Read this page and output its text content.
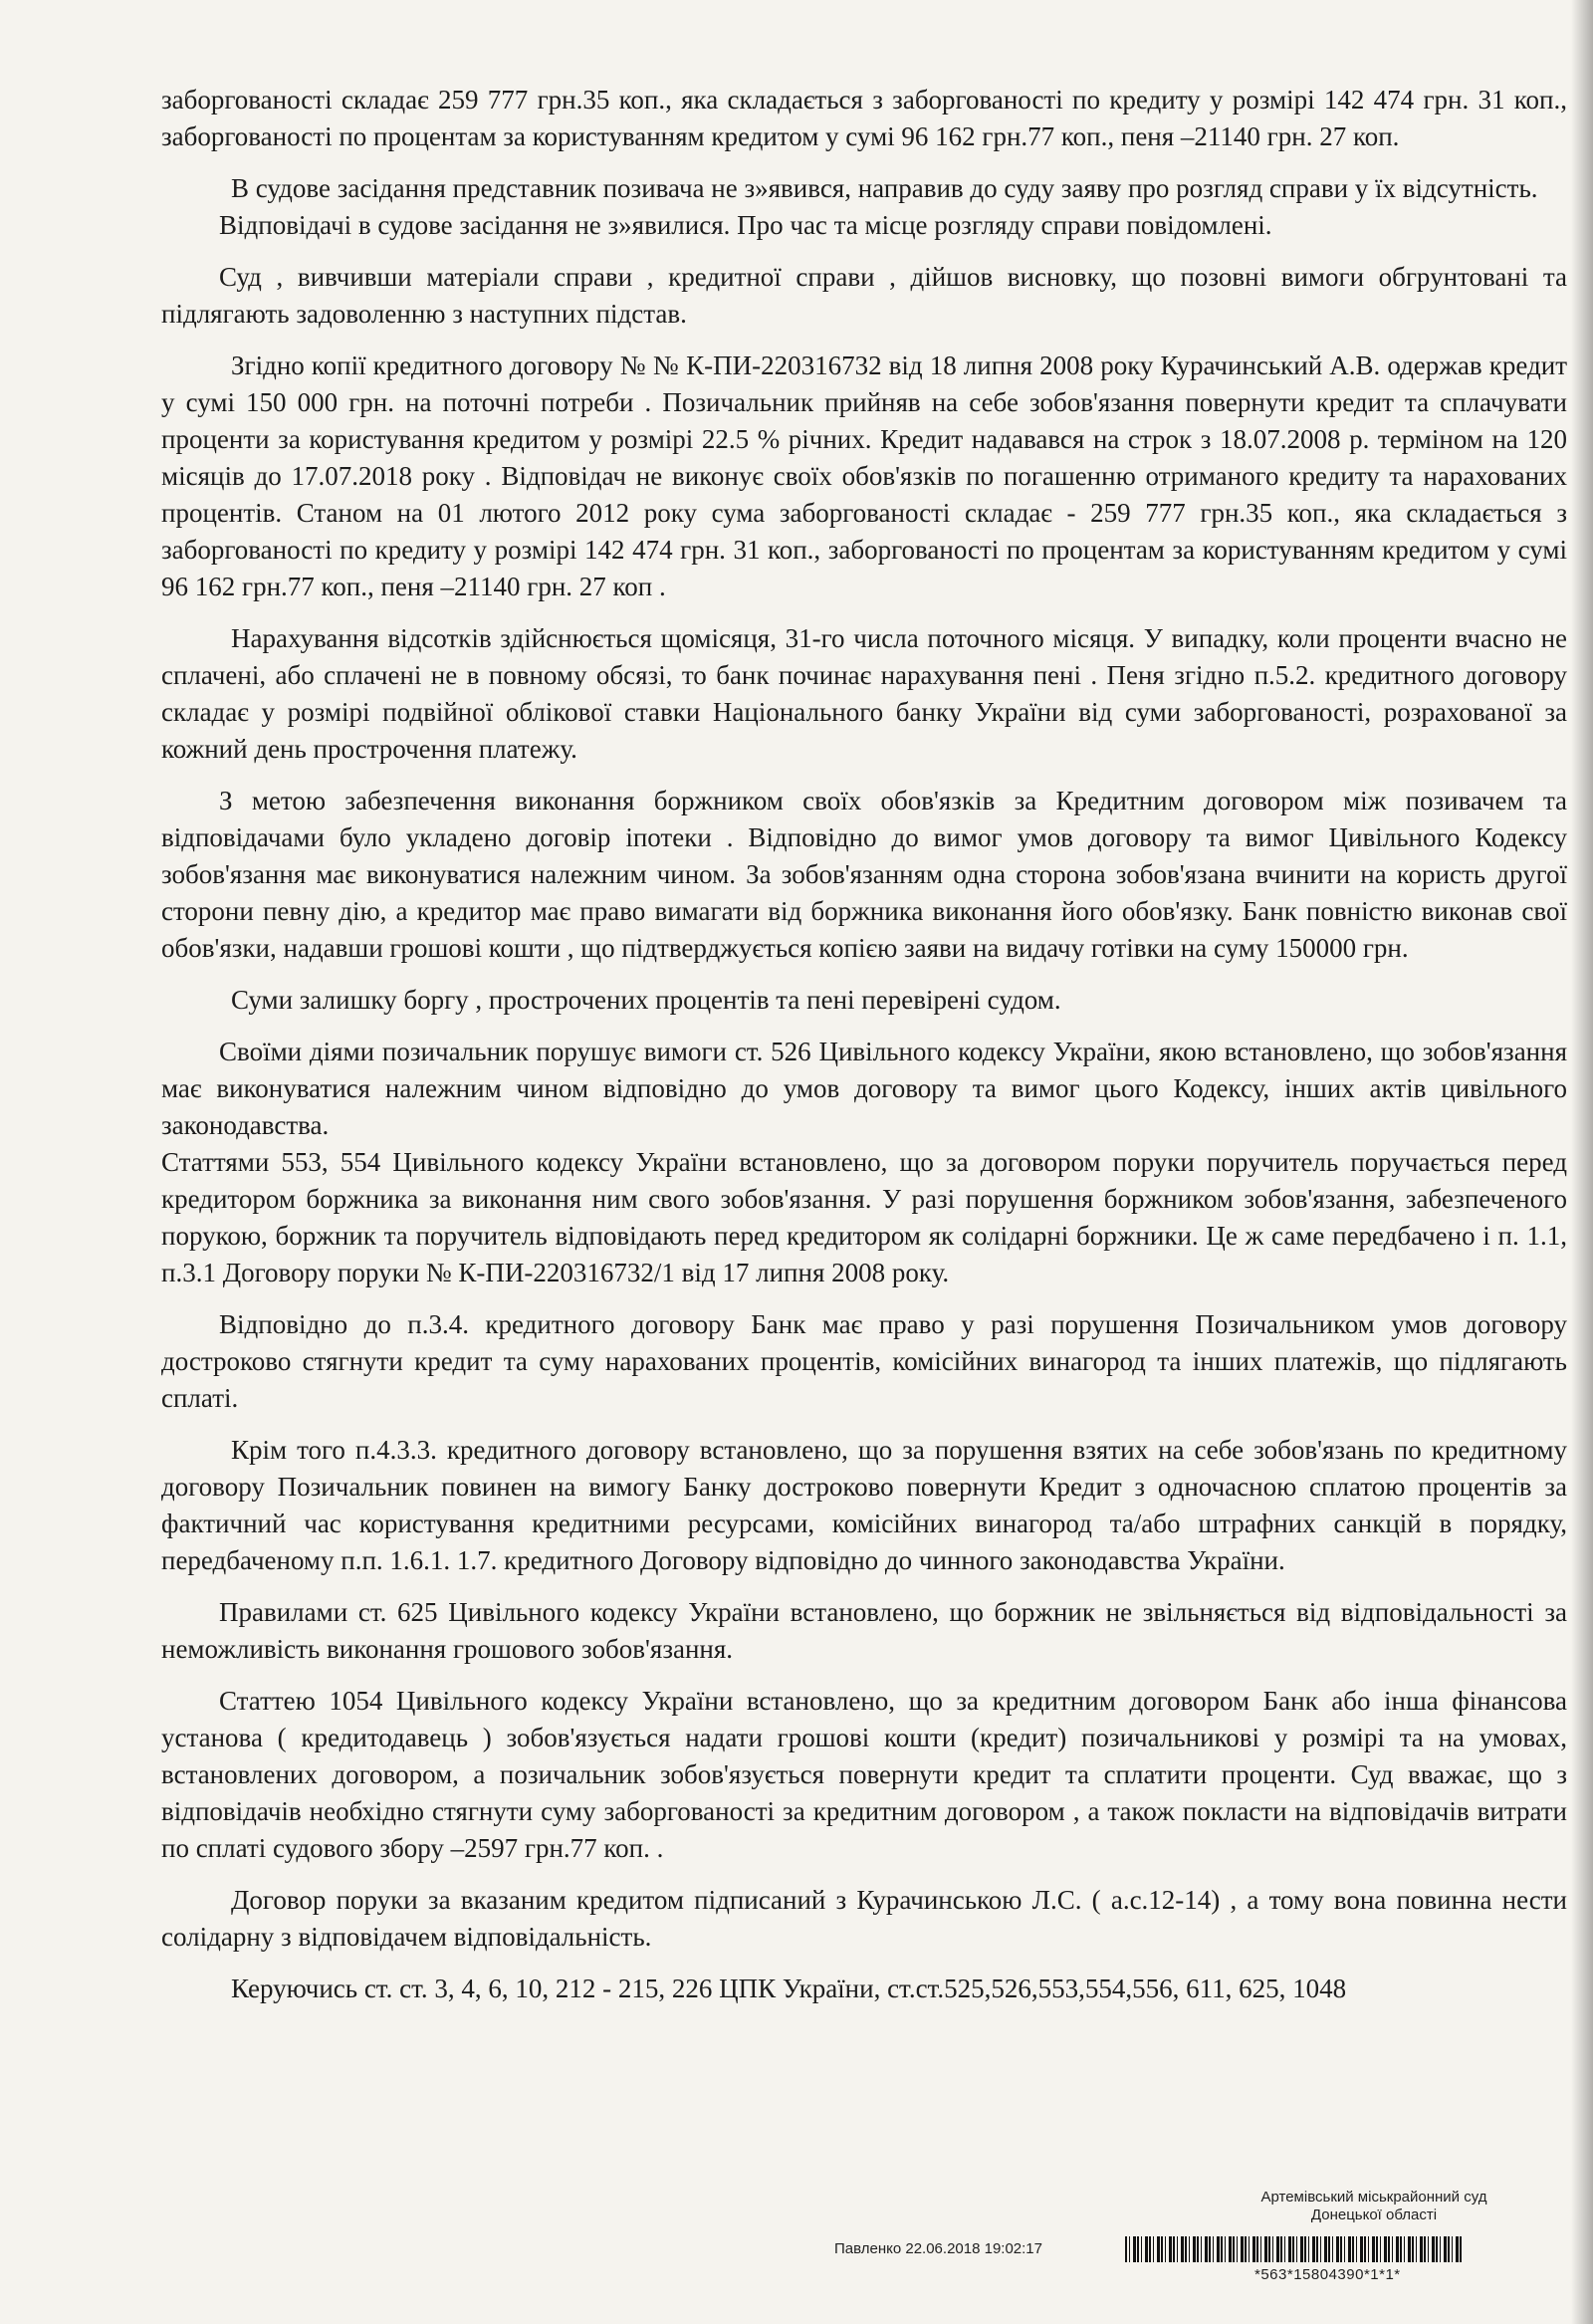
заборгованості складає 259 777 грн.35 коп., яка складається з заборгованості по кредиту у розмірі 142 474 грн. 31 коп., заборгованості по процентам за користуванням кредитом у сумі 96 162 грн.77 коп., пеня –21140 грн. 27 коп.

В судове засідання представник позивача не з»явився, направив до суду заяву про розгляд справи у їх відсутність.

Відповідачі в судове засідання не з»явилися. Про час та місце розгляду справи повідомлені.

Суд , вивчивши матеріали справи , кредитної справи , дійшов висновку, що позовні вимоги обгрунтовані та підлягають задоволенню з наступних підстав.

Згідно копії кредитного договору № № К-ПИ-220316732 від 18 липня 2008 року Курачинський А.В. одержав кредит у сумі 150 000 грн. на поточні потреби . Позичальник прийняв на себе зобов'язання повернути кредит та сплачувати проценти за користування кредитом у розмірі 22.5 % річних. Кредит надавався на строк з 18.07.2008 р. терміном на 120 місяців до 17.07.2018 року . Відповідач не виконує своїх обов'язків по погашенню отриманого кредиту та нарахованих процентів. Станом на 01 лютого 2012 року сума заборгованості складає - 259 777 грн.35 коп., яка складається з заборгованості по кредиту у розмірі 142 474 грн. 31 коп., заборгованості по процентам за користуванням кредитом у сумі 96 162 грн.77 коп., пеня –21140 грн. 27 коп .

Нарахування відсотків здійснюється щомісяця, 31-го числа поточного місяця. У випадку, коли проценти вчасно не сплачені, або сплачені не в повному обсязі, то банк починає нарахування пені . Пеня згідно п.5.2. кредитного договору складає у розмірі подвійної облікової ставки Національного банку України від суми заборгованості, розрахованої за кожний день прострочення платежу.

З метою забезпечення виконання боржником своїх обов'язків за Кредитним договором між позивачем та відповідачами було укладено договір іпотеки . Відповідно до вимог умов договору та вимог Цивільного Кодексу зобов'язання має виконуватися належним чином. За зобов'язанням одна сторона зобов'язана вчинити на користь другої сторони певну дію, а кредитор має право вимагати від боржника виконання його обов'язку. Банк повністю виконав свої обов'язки, надавши грошові кошти , що підтверджується копією заяви на видачу готівки на суму 150000 грн.

Суми залишку боргу , прострочених процентів та пені перевірені судом.

Своїми діями позичальник порушує вимоги ст. 526 Цивільного кодексу України, якою встановлено, що зобов'язання має виконуватися належним чином відповідно до умов договору та вимог цього Кодексу, інших актів цивільного законодавства.

Статтями 553, 554 Цивільного кодексу України встановлено, що за договором поруки поручитель поручається перед кредитором боржника за виконання ним свого зобов'язання. У разі порушення боржником зобов'язання, забезпеченого порукою, боржник та поручитель відповідають перед кредитором як солідарні боржники. Це ж саме передбачено і п. 1.1, п.3.1 Договору поруки № К-ПИ-220316732/1 від 17 липня 2008 року.

Відповідно до п.3.4. кредитного договору Банк має право у разі порушення Позичальником умов договору достроково стягнути кредит та суму нарахованих процентів, комісійних винагород та інших платежів, що підлягають сплаті.

Крім того п.4.3.3. кредитного договору встановлено, що за порушення взятих на себе зобов'язань по кредитному договору Позичальник повинен на вимогу Банку достроково повернути Кредит з одночасною сплатою процентів за фактичний час користування кредитними ресурсами, комісійних винагород та/або штрафних санкцій в порядку, передбаченому п.п. 1.6.1. 1.7. кредитного Договору відповідно до чинного законодавства України.

Правилами ст. 625 Цивільного кодексу України встановлено, що боржник не звільняється від відповідальності за неможливість виконання грошового зобов'язання.

Статтею 1054 Цивільного кодексу України встановлено, що за кредитним договором Банк або інша фінансова установа ( кредитодавець ) зобов'язується надати грошові кошти (кредит) позичальникові у розмірі та на умовах, встановлених договором, а позичальник зобов'язується повернути кредит та сплатити проценти. Суд вважає, що з відповідачів необхідно стягнути суму заборгованості за кредитним договором , а також покласти на відповідачів витрати по сплаті судового збору –2597 грн.77 коп. .

Договор поруки за вказаним кредитом підписаний з Курачинською Л.С. ( а.с.12-14) , а тому вона повинна нести солідарну з відповідачем відповідальність.

Керуючись ст. ст. 3, 4, 6, 10, 212 - 215, 226 ЦПК України, ст.ст.525,526,553,554,556, 611, 625, 1048

Артемівський міськрайонний суд
Донецької області
Павленко 22.06.2018 19:02:17
*563*15804390*1*1*
